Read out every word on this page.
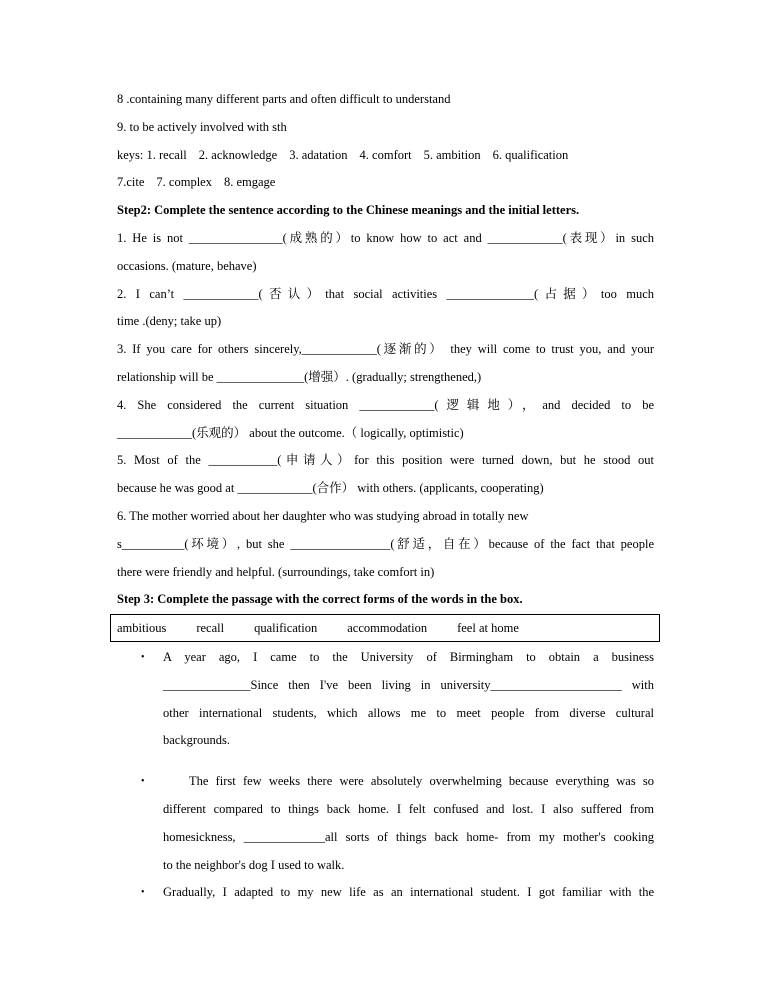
8 .containing many different parts and often difficult to understand
9. to be actively involved with sth
keys: 1. recall 2. acknowledge 3. adatation 4. comfort 5. ambition 6. qualification
7.cite 7. complex 8. emgage
Step2: Complete the sentence according to the Chinese meanings and the initial letters.
1. He is not _______________(成熟的）to know how to act and ____________(表现）in such
occasions. (mature, behave)
2. I can’t ____________(否认）that social activities ______________(占据）too much
time .(deny; take up)
3. If you care for others sincerely,____________(逐渐的） they will come to trust you, and your
relationship will be ______________(增强）. (gradually; strengthened,)
4. She considered the current situation ____________(逻辑地），and decided to be
____________(乐观的） about the outcome.（ logically, optimistic)
5. Most of the ___________(申请人）for this position were turned down, but he stood out
because he was good at ____________(合作） with others. (applicants, cooperating)
6. The mother worried about her daughter who was studying abroad in totally new
s__________(环境）, but she ________________(舒适，自在）because of the fact that people
there were friendly and helpful. (surroundings, take comfort in)
Step 3: Complete the passage with the correct forms of the words in the box.
ambitious recall qualification accommodation feel at home
• A year ago, I came to the University of Birmingham to obtain a business
______________Since then I've been living in university_____________________ with
other international students, which allows me to meet people from diverse cultural
backgrounds.
•	The first few weeks there were absolutely overwhelming because everything was so
different compared to things back home. I felt confused and lost. I also suffered from
homesickness, _____________all sorts of things back home- from my mother's cooking
to the neighbor's dog I used to walk.
• Gradually, I adapted to my new life as an international student. I got familiar with the
